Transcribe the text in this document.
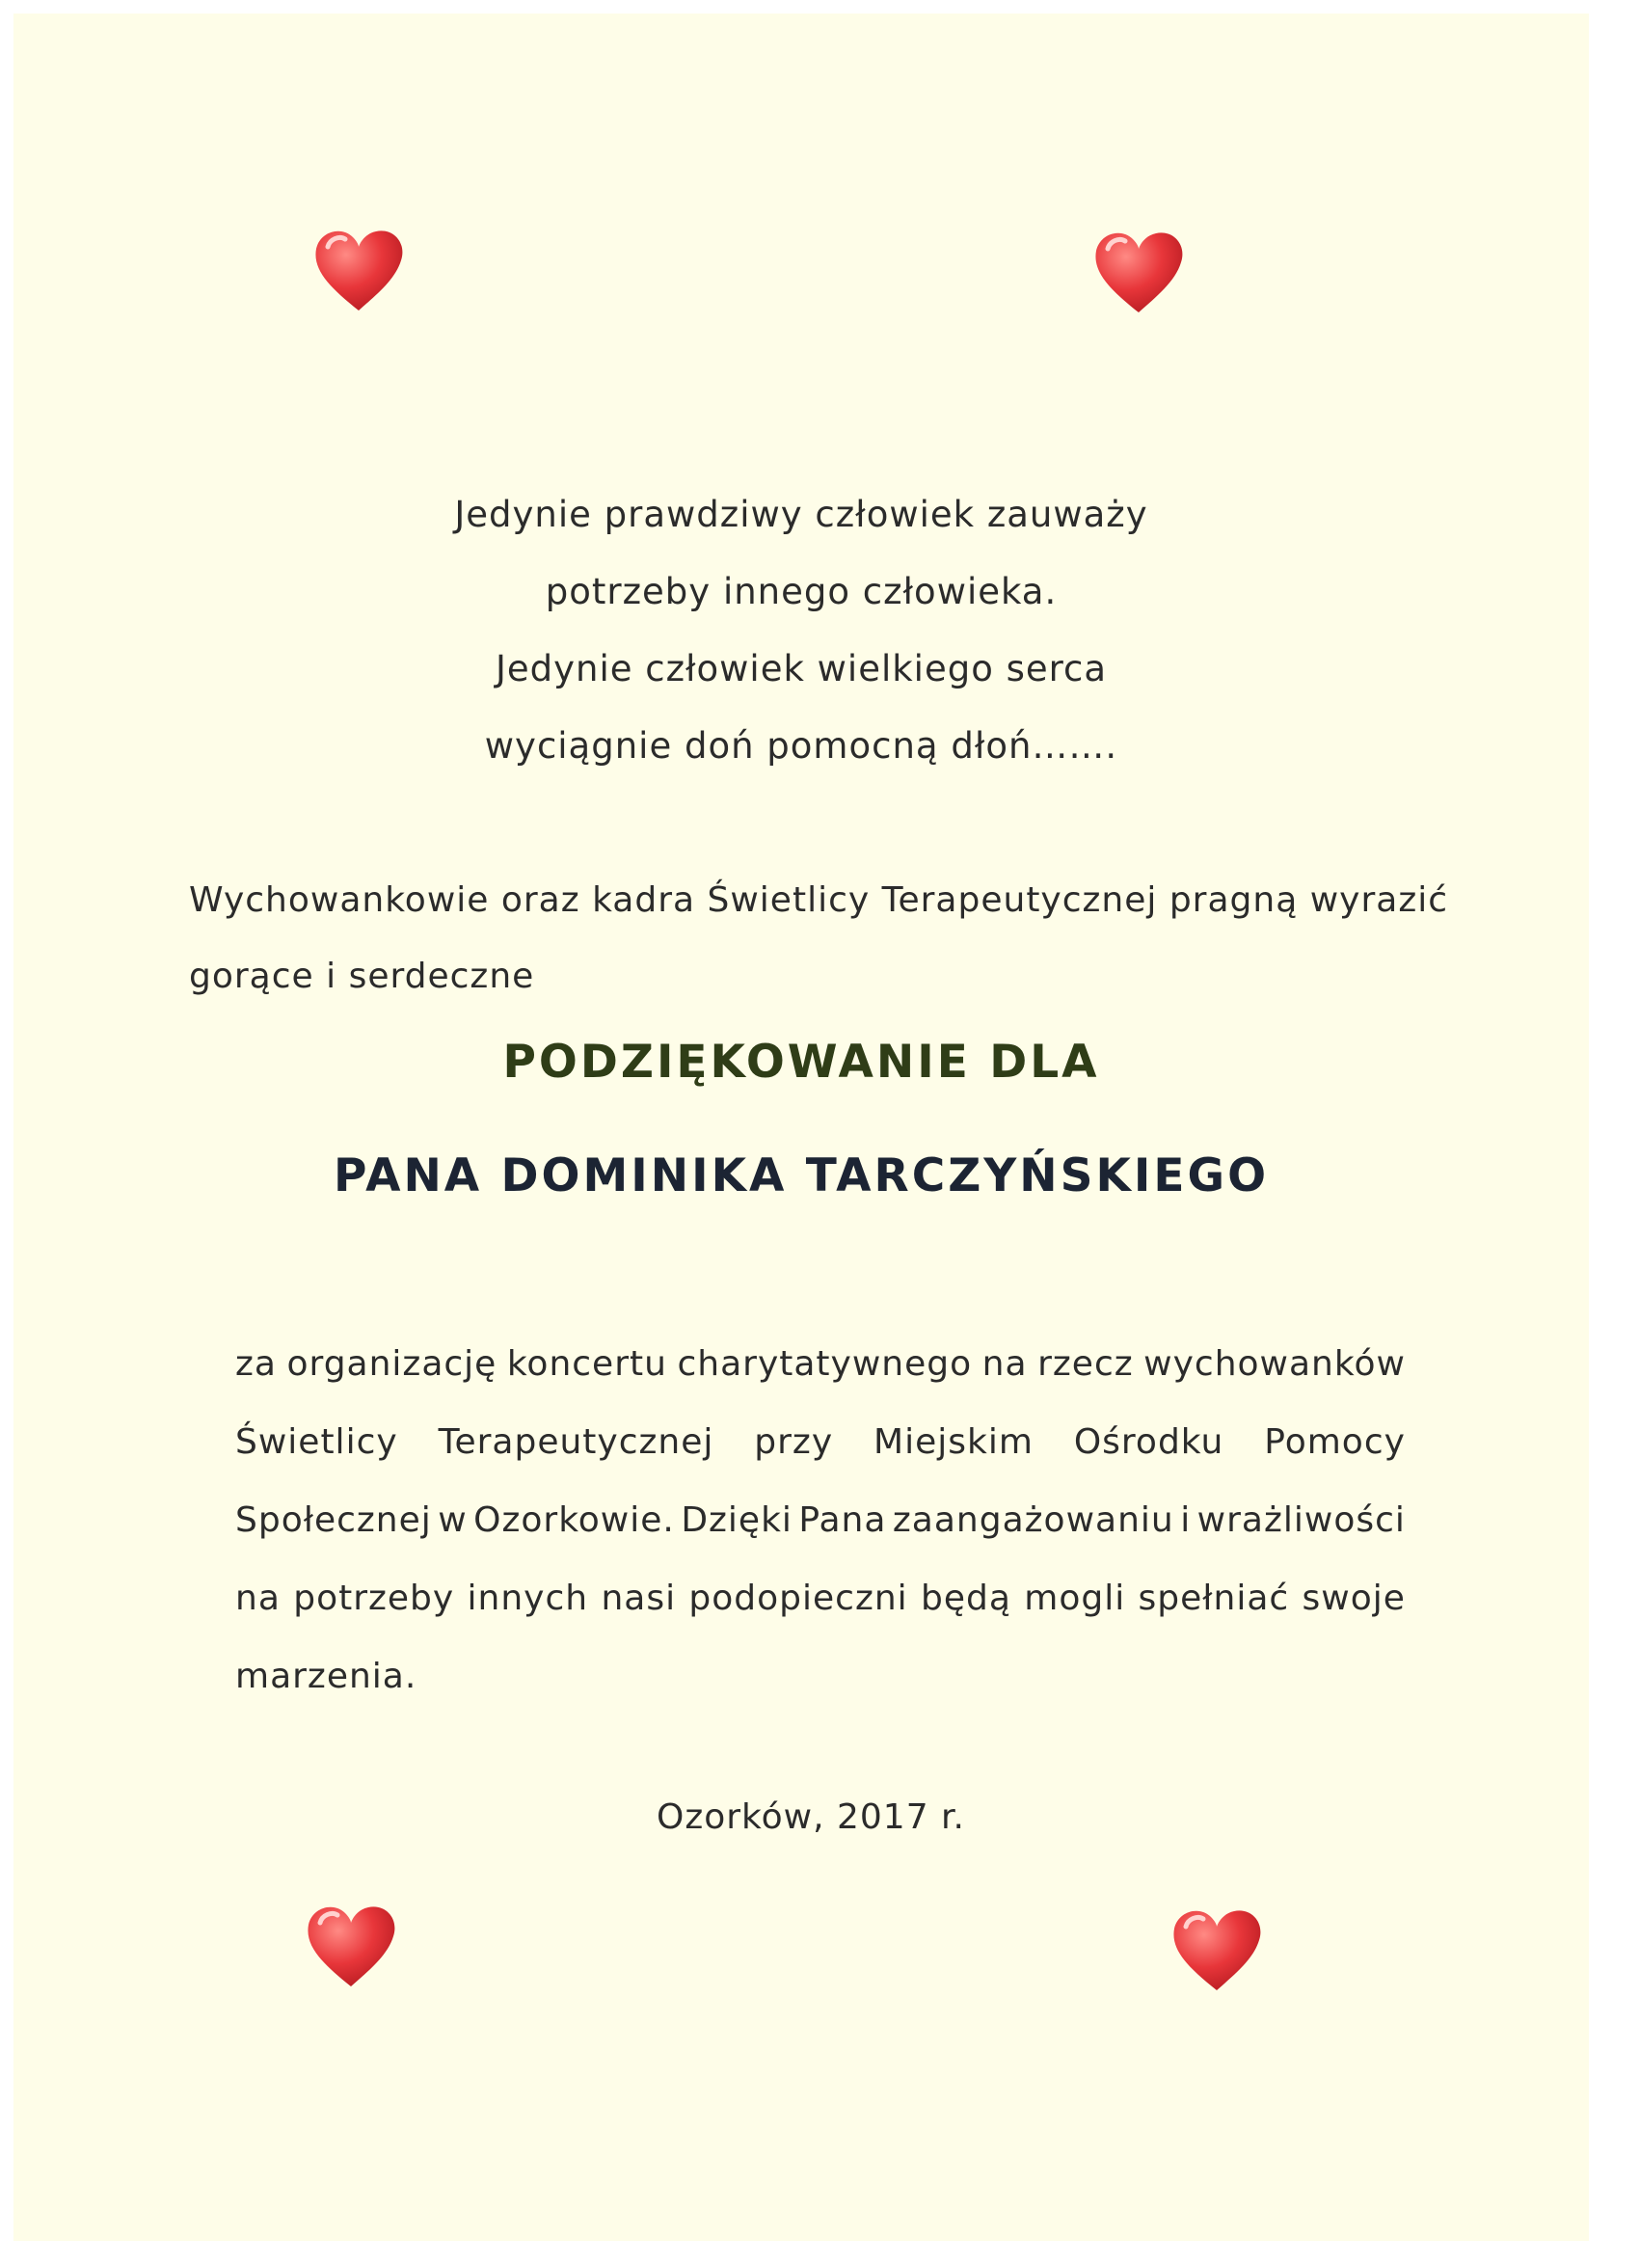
Jedynie prawdziwy człowiek zauważy
potrzeby innego człowieka.
Jedynie człowiek wielkiego serca
wyciągnie doń pomocną dłoń…….
Wychowankowie oraz kadra Świetlicy Terapeutycznej pragną wyrazić
gorące i serdeczne
PODZIĘKOWANIE DLA
PANA DOMINIKA TARCZYŃSKIEGO
za organizację koncertu charytatywnego na rzecz wychowanków
Świetlicy Terapeutycznej przy Miejskim Ośrodku Pomocy
Społecznej w Ozorkowie. Dzięki Pana zaangażowaniu i wrażliwości
na potrzeby innych nasi podopieczni będą mogli spełniać swoje
marzenia.
Ozorków, 2017 r.
